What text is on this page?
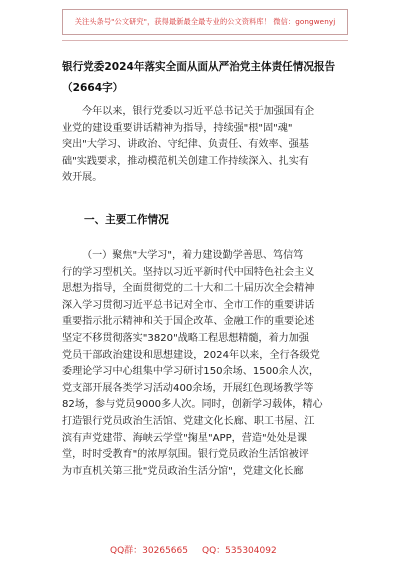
关注头条号"公文研究"，获得最新最全最专业的公文资料库！ 微信：gongwenyj
银行党委2024年落实全面从面从严治党主体责任情况报告
（2664字）
今年以来，银行党委以习近平总书记关于加强国有企
业党的建设重要讲话精神为指导，持续强"根"固"魂"
突出"大学习、讲政治、守纪律、负责任、有效率、强基
础"实践要求，推动模范机关创建工作持续深入、扎实有
效开展。
一、主要工作情况
（一）聚焦"大学习"，着力建设勤学善思、笃信笃
行的学习型机关。坚持以习近平新时代中国特色社会主义
思想为指导，全面贯彻党的二十大和二十届历次全会精神
深入学习贯彻习近平总书记对全市、全市工作的重要讲话
重要指示批示精神和关于国企改革、金融工作的重要论述
坚定不移贯彻落实"3820"战略工程思想精髓，着力加强
党员干部政治建设和思想建设，2024年以来，全行各级党
委理论学习中心组集中学习研讨150余场、1500余人次，
党支部开展各类学习活动400余场，开展红色现场教学等
82场，参与党员9000多人次。同时，创新学习载体，精心
打造银行党员政治生活馆、党建文化长廊、职工书屋、江
滨有声党建带、海峡云学堂"掬星"APP，营造"处处是课
堂，时时受教育"的浓厚氛围。银行党员政治生活馆被评
为市直机关第三批"党员政治生活分馆"，党建文化长廊
QQ群：30265665 QQ：535304092
